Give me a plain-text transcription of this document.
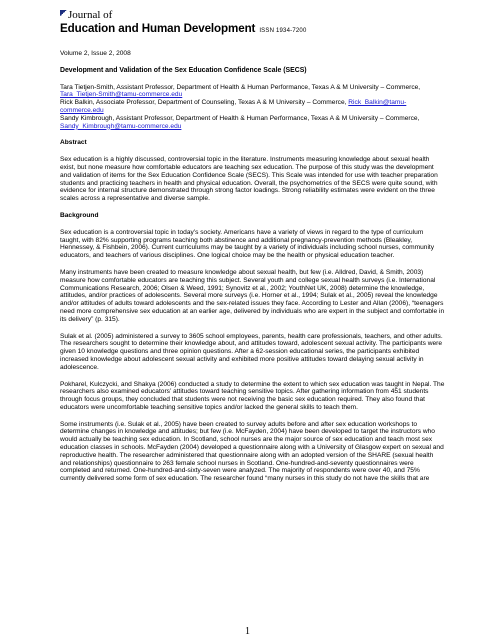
Journal of
Education and Human Development ISSN 1934-7200

Volume 2, Issue 2, 2008

Development and Validation of the Sex Education Confidence Scale (SECS)

Tara Tietjen-Smith, Assistant Professor, Department of Health & Human Performance, Texas A & M University – Commerce, Tara_Tietjen-Smith@tamu-commerce.edu

Rick Balkin, Associate Professor, Department of Counseling, Texas A & M University – Commerce, Rick_Balkin@tamu-commerce.edu

Sandy Kimbrough, Assistant Professor, Department of Health & Human Performance, Texas A & M University – Commerce, Sandy_Kimbrough@tamu-commerce.edu

Abstract

Sex education is a highly discussed, controversial topic in the literature. Instruments measuring knowledge about sexual health exist, but none measure how comfortable educators are teaching sex education. The purpose of this study was the development and validation of items for the Sex Education Confidence Scale (SECS). This Scale was intended for use with teacher preparation students and practicing teachers in health and physical education. Overall, the psychometrics of the SECS were quite sound, with evidence for internal structure demonstrated through strong factor loadings. Strong reliability estimates were evident on the three scales across a representative and diverse sample.

Background

Sex education is a controversial topic in today’s society. Americans have a variety of views in regard to the type of curriculum taught, with 82% supporting programs teaching both abstinence and additional pregnancy-prevention methods (Bleakley, Hennessey, & Fishbein, 2006). Current curriculums may be taught by a variety of individuals including school nurses, community educators, and teachers of various disciplines. One logical choice may be the health or physical education teacher.

Many instruments have been created to measure knowledge about sexual health, but few (i.e. Alldred, David, & Smith, 2003) measure how comfortable educators are teaching this subject. Several youth and college sexual health surveys (i.e. International Communications Research, 2006; Olsen & Weed, 1991; Synovitz et al., 2002; YouthNet UK, 2008) determine the knowledge, attitudes, and/or practices of adolescents. Several more surveys (i.e. Horner et al., 1994; Sulak et al., 2005) reveal the knowledge and/or attitudes of adults toward adolescents and the sex-related issues they face. According to Lester and Allan (2006), “teenagers need more comprehensive sex education at an earlier age, delivered by individuals who are expert in the subject and comfortable in its delivery” (p. 315).

Sulak et al. (2005) administered a survey to 3605 school employees, parents, health care professionals, teachers, and other adults. The researchers sought to determine their knowledge about, and attitudes toward, adolescent sexual activity. The participants were given 10 knowledge questions and three opinion questions. After a 62-session educational series, the participants exhibited increased knowledge about adolescent sexual activity and exhibited more positive attitudes toward delaying sexual activity in adolescence.

Pokharel, Kulczycki, and Shakya (2006) conducted a study to determine the extent to which sex education was taught in Nepal. The researchers also examined educators’ attitudes toward teaching sensitive topics. After gathering information from 451 students through focus groups, they concluded that students were not receiving the basic sex education required. They also found that educators were uncomfortable teaching sensitive topics and/or lacked the general skills to teach them.

Some instruments (i.e. Sulak et al., 2005) have been created to survey adults before and after sex education workshops to determine changes in knowledge and attitudes; but few (i.e. McFayden, 2004) have been developed to target the instructors who would actually be teaching sex education. In Scotland, school nurses are the major source of sex education and teach most sex education classes in schools. McFayden (2004) developed a questionnaire along with a University of Glasgow expert on sexual and reproductive health. The researcher administered that questionnaire along with an adopted version of the SHARE (sexual health and relationships) questionnaire to 263 female school nurses in Scotland. One-hundred-and-seventy questionnaires were completed and returned. One-hundred-and-sixty-seven were analyzed. The majority of respondents were over 40, and 75% currently delivered some form of sex education. The researcher found “many nurses in this study do not have the skills that are

1
